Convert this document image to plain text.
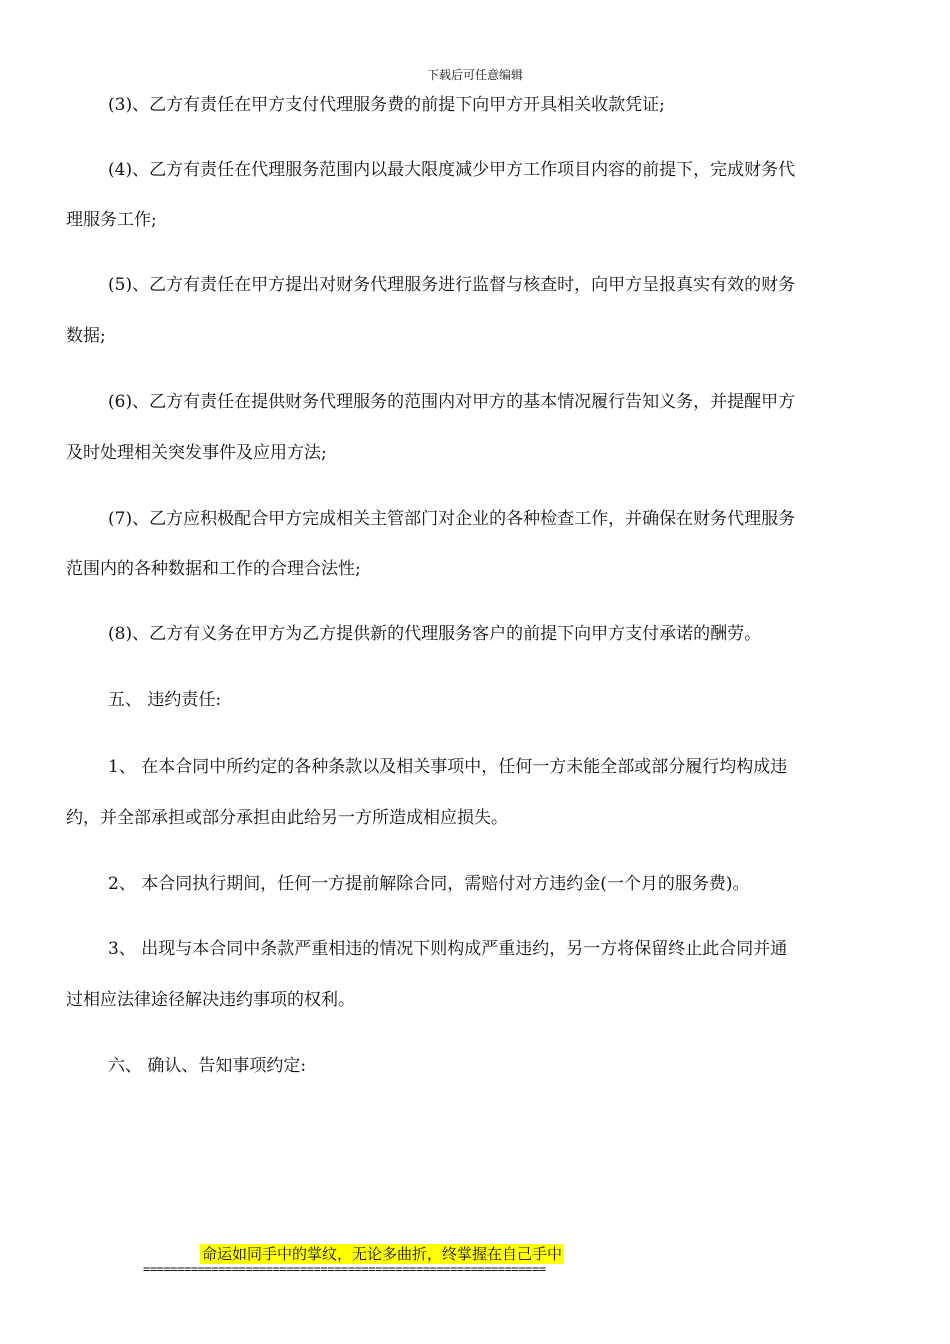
下载后可任意编辑
(3)、乙方有责任在甲方支付代理服务费的前提下向甲方开具相关收款凭证;
(4)、乙方有责任在代理服务范围内以最大限度减少甲方工作项目内容的前提下，完成财务代
理服务工作;
(5)、乙方有责任在甲方提出对财务代理服务进行监督与核查时，向甲方呈报真实有效的财务
数据;
(6)、乙方有责任在提供财务代理服务的范围内对甲方的基本情况履行告知义务，并提醒甲方
及时处理相关突发事件及应用方法;
(7)、乙方应积极配合甲方完成相关主管部门对企业的各种检查工作，并确保在财务代理服务
范围内的各种数据和工作的合理合法性;
(8)、乙方有义务在甲方为乙方提供新的代理服务客户的前提下向甲方支付承诺的酬劳。
五、 违约责任:
1、 在本合同中所约定的各种条款以及相关事项中，任何一方未能全部或部分履行均构成违
约，并全部承担或部分承担由此给另一方所造成相应损失。
2、 本合同执行期间，任何一方提前解除合同，需赔付对方违约金(一个月的服务费)。
3、 出现与本合同中条款严重相违的情况下则构成严重违约，另一方将保留终止此合同并通
过相应法律途径解决违约事项的权利。
六、 确认、告知事项约定:
命运如同手中的掌纹，无论多曲折，终掌握在自己手中
===========================================================
